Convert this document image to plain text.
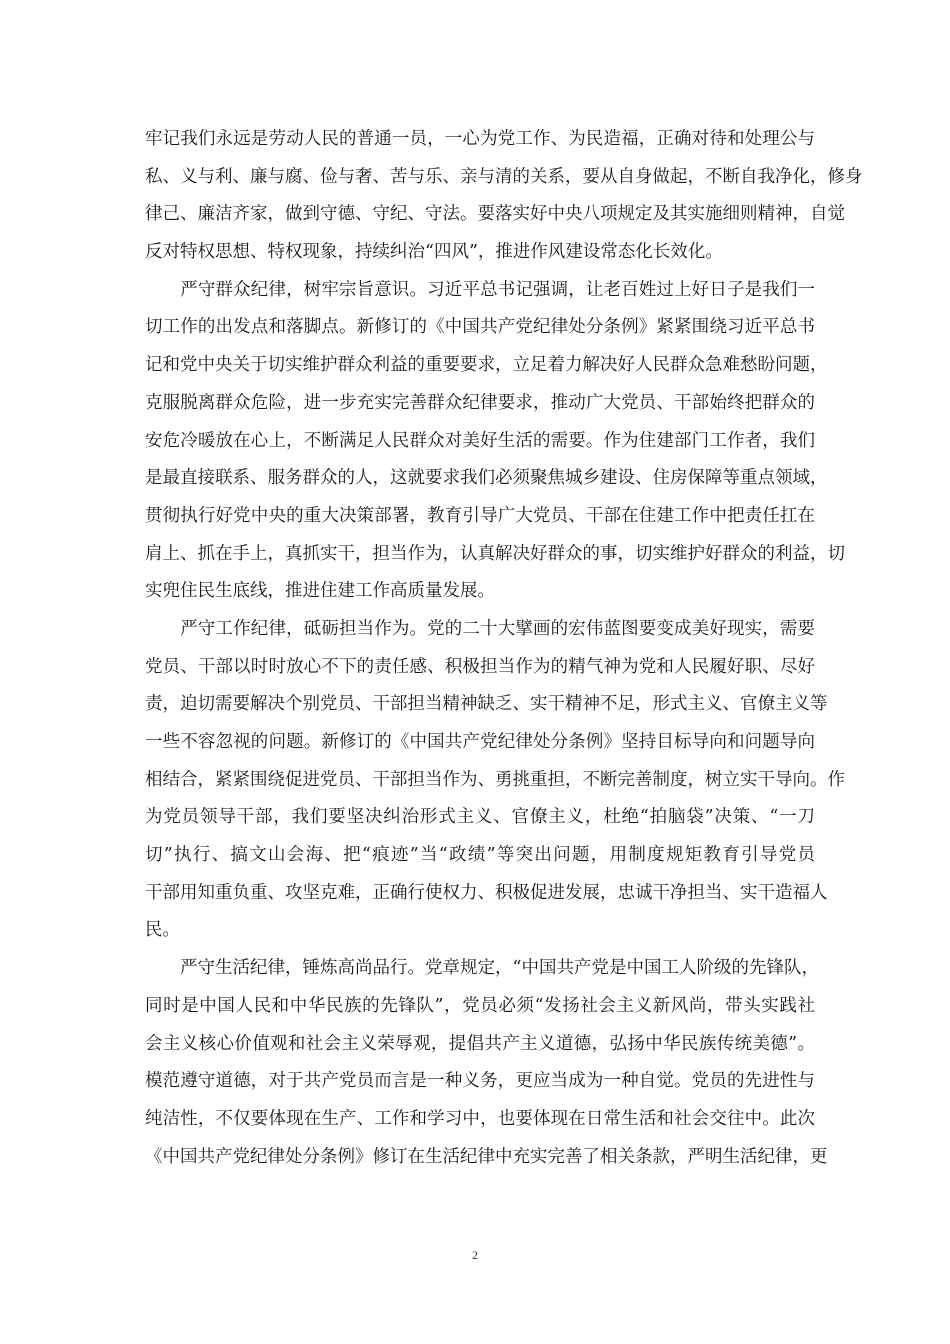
牢记我们永远是劳动人民的普通一员，一心为党工作、为民造福，正确对待和处理公与
私、义与利、廉与腐、俭与奢、苦与乐、亲与清的关系，要从自身做起，不断自我净化，修身
律己、廉洁齐家，做到守德、守纪、守法。要落实好中央八项规定及其实施细则精神，自觉
反对特权思想、特权现象，持续纠治“四风”，推进作风建设常态化长效化。
　　严守群众纪律，树牢宗旨意识。习近平总书记强调，让老百姓过上好日子是我们一
切工作的出发点和落脚点。新修订的《中国共产党纪律处分条例》紧紧围绕习近平总书
记和党中央关于切实维护群众利益的重要要求，立足着力解决好人民群众急难愁盼问题，
克服脱离群众危险，进一步充实完善群众纪律要求，推动广大党员、干部始终把群众的
安危冷暖放在心上，不断满足人民群众对美好生活的需要。作为住建部门工作者，我们
是最直接联系、服务群众的人，这就要求我们必须聚焦城乡建设、住房保障等重点领域，
贯彻执行好党中央的重大决策部署，教育引导广大党员、干部在住建工作中把责任扛在
肩上、抓在手上，真抓实干，担当作为，认真解决好群众的事，切实维护好群众的利益，切
实兜住民生底线，推进住建工作高质量发展。
　　严守工作纪律，砥砺担当作为。党的二十大擘画的宏伟蓝图要变成美好现实，需要
党员、干部以时时放心不下的责任感、积极担当作为的精气神为党和人民履好职、尽好
责，迫切需要解决个别党员、干部担当精神缺乏、实干精神不足，形式主义、官僚主义等
一些不容忽视的问题。新修订的《中国共产党纪律处分条例》坚持目标导向和问题导向
相结合，紧紧围绕促进党员、干部担当作为、勇挑重担，不断完善制度，树立实干导向。作
为党员领导干部，我们要坚决纠治形式主义、官僚主义，杜绝“拍脑袋”决策、“一刀
切”执行、搞文山会海、把“痕迹”当“政绩”等突出问题，用制度规矩教育引导党员
干部用知重负重、攻坚克难，正确行使权力、积极促进发展，忠诚干净担当、实干造福人
民。
　　严守生活纪律，锤炼高尚品行。党章规定，“中国共产党是中国工人阶级的先锋队，
同时是中国人民和中华民族的先锋队”，党员必须“发扬社会主义新风尚，带头实践社
会主义核心价值观和社会主义荣辱观，提倡共产主义道德，弘扬中华民族传统美德”。
模范遵守道德，对于共产党员而言是一种义务，更应当成为一种自觉。党员的先进性与
纯洁性，不仅要体现在生产、工作和学习中，也要体现在日常生活和社会交往中。此次
《中国共产党纪律处分条例》修订在生活纪律中充实完善了相关条款，严明生活纪律，更
2
